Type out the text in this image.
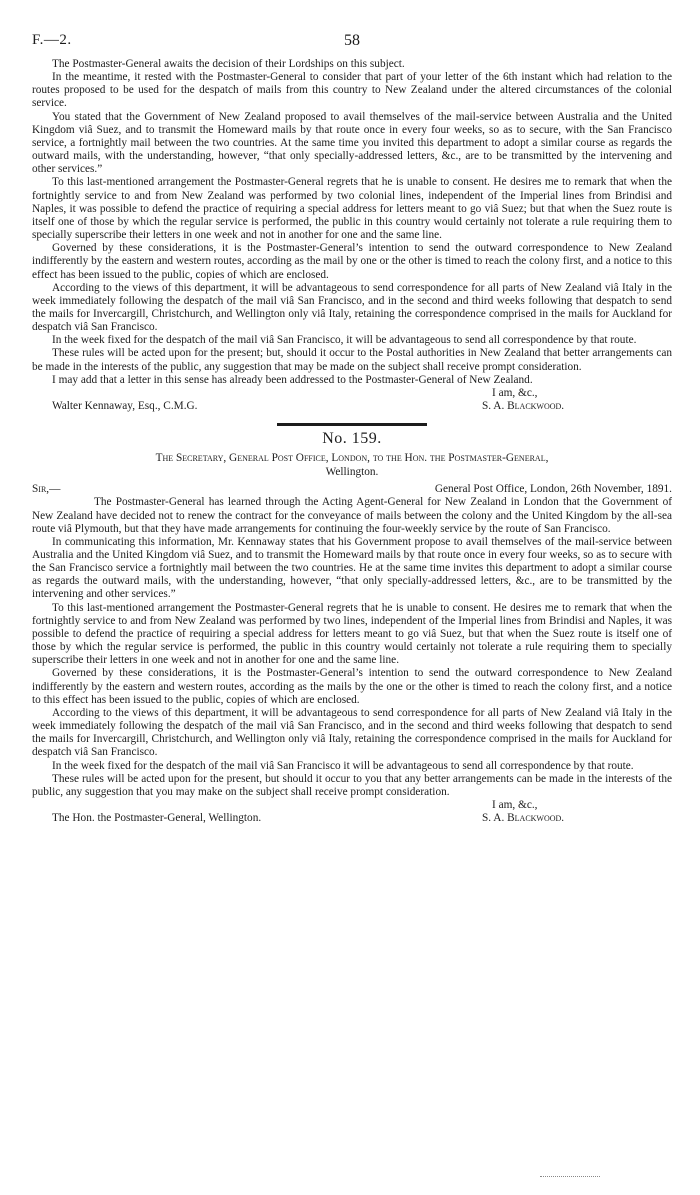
F.—2.	58

The Postmaster-General awaits the decision of their Lordships on this subject.

In the meantime, it rested with the Postmaster-General to consider that part of your letter of the 6th instant which had relation to the routes proposed to be used for the despatch of mails from this country to New Zealand under the altered circumstances of the colonial service.

You stated that the Government of New Zealand proposed to avail themselves of the mail-service between Australia and the United Kingdom viâ Suez, and to transmit the Homeward mails by that route once in every four weeks, so as to secure, with the San Francisco service, a fortnightly mail between the two countries. At the same time you invited this department to adopt a similar course as regards the outward mails, with the understanding, however, “that only specially-addressed letters, &c., are to be transmitted by the intervening and other services.”

To this last-mentioned arrangement the Postmaster-General regrets that he is unable to consent. He desires me to remark that when the fortnightly service to and from New Zealand was performed by two colonial lines, independent of the Imperial lines from Brindisi and Naples, it was possible to defend the practice of requiring a special address for letters meant to go viâ Suez; but that when the Suez route is itself one of those by which the regular service is performed, the public in this country would certainly not tolerate a rule requiring them to specially superscribe their letters in one week and not in another for one and the same line.

Governed by these considerations, it is the Postmaster-General’s intention to send the outward correspondence to New Zealand indifferently by the eastern and western routes, according as the mail by one or the other is timed to reach the colony first, and a notice to this effect has been issued to the public, copies of which are enclosed.

According to the views of this department, it will be advantageous to send correspondence for all parts of New Zealand viâ Italy in the week immediately following the despatch of the mail viâ San Francisco, and in the second and third weeks following that despatch to send the mails for Invercargill, Christchurch, and Wellington only viâ Italy, retaining the correspondence comprised in the mails for Auckland for despatch viâ San Francisco.

In the week fixed for the despatch of the mail viâ San Francisco, it will be advantageous to send all correspondence by that route.

These rules will be acted upon for the present; but, should it occur to the Postal authorities in New Zealand that better arrangements can be made in the interests of the public, any suggestion that may be made on the subject shall receive prompt consideration.

I may add that a letter in this sense has already been addressed to the Postmaster-General of New Zealand.

I am, &c.,
Walter Kennaway, Esq., C.M.G.	S. A. Blackwood.
No. 159.
The Secretary, General Post Office, London, to the Hon. the Postmaster-General,
Wellington.
Sir,—	General Post Office, London, 26th November, 1891.

The Postmaster-General has learned through the Acting Agent-General for New Zealand in London that the Government of New Zealand have decided not to renew the contract for the conveyance of mails between the colony and the United Kingdom by the all-sea route viâ Plymouth, but that they have made arrangements for continuing the four-weekly service by the route of San Francisco.

In communicating this information, Mr. Kennaway states that his Government propose to avail themselves of the mail-service between Australia and the United Kingdom viâ Suez, and to transmit the Homeward mails by that route once in every four weeks, so as to secure with the San Francisco service a fortnightly mail between the two countries. He at the same time invites this department to adopt a similar course as regards the outward mails, with the understanding, however, “that only specially-addressed letters, &c., are to be transmitted by the intervening and other services.”

To this last-mentioned arrangement the Postmaster-General regrets that he is unable to consent. He desires me to remark that when the fortnightly service to and from New Zealand was performed by two lines, independent of the Imperial lines from Brindisi and Naples, it was possible to defend the practice of requiring a special address for letters meant to go viâ Suez, but that when the Suez route is itself one of those by which the regular service is performed, the public in this country would certainly not tolerate a rule requiring them to specially superscribe their letters in one week and not in another for one and the same line.

Governed by these considerations, it is the Postmaster-General’s intention to send the outward correspondence to New Zealand indifferently by the eastern and western routes, according as the mails by the one or the other is timed to reach the colony first, and a notice to this effect has been issued to the public, copies of which are enclosed.

According to the views of this department, it will be advantageous to send correspondence for all parts of New Zealand viâ Italy in the week immediately following the despatch of the mail viâ San Francisco, and in the second and third weeks following that despatch to send the mails for Invercargill, Christchurch, and Wellington only viâ Italy, retaining the correspondence comprised in the mails for Auckland for despatch viâ San Francisco.

In the week fixed for the despatch of the mail viâ San Francisco it will be advantageous to send all correspondence by that route.

These rules will be acted upon for the present, but should it occur to you that any better arrangements can be made in the interests of the public, any suggestion that you may make on the subject shall receive prompt consideration.

I am, &c.,
The Hon. the Postmaster-General, Wellington.	S. A. Blackwood.
